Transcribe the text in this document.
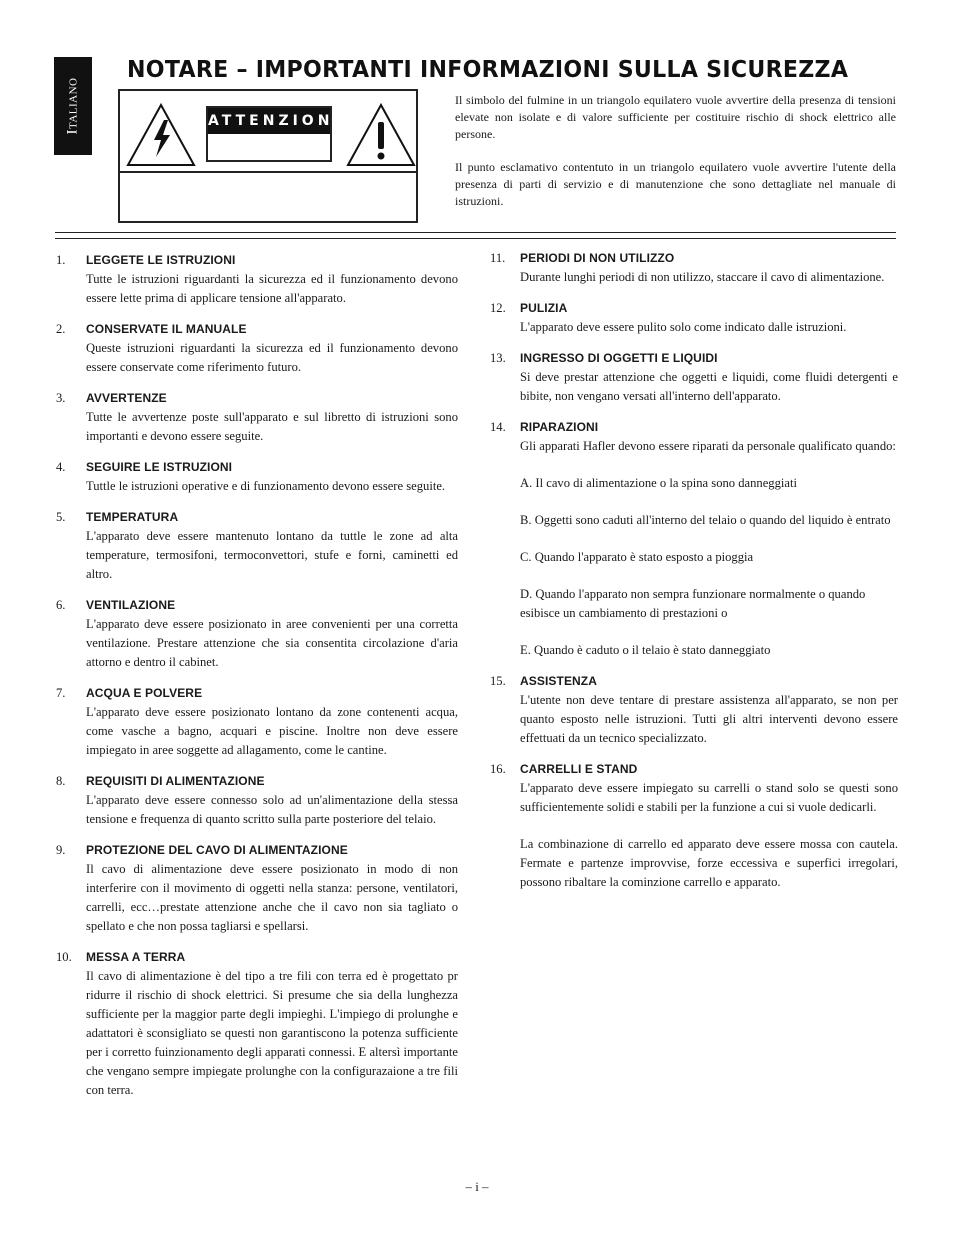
Italiano
NOTARE – IMPORTANTI INFORMAZIONI SULLA SICUREZZA
ATTENZIONE
Il simbolo del fulmine in un triangolo equilatero vuole avvertire della presenza di tensioni elevate non isolate e di valore sufficiente per costituire rischio di shock elettrico alle persone.
Il punto esclamativo contentuto in un triangolo equilatero vuole avvertire l'utente della presenza di parti di servizio e di manutenzione che sono dettagliate nel manuale di istruzioni.
1. LEGGETE LE ISTRUZIONI
Tutte le istruzioni riguardanti la sicurezza ed il funzionamento devono essere lette prima di applicare tensione all'apparato.
2. CONSERVATE IL MANUALE
Queste istruzioni riguardanti la sicurezza ed il funzionamento devono essere conservate come riferimento futuro.
3. AVVERTENZE
Tutte le avvertenze poste sull'apparato e sul libretto di istruzioni sono importanti e devono essere seguite.
4. SEGUIRE LE ISTRUZIONI
Tuttle le istruzioni operative e di funzionamento devono essere seguite.
5. TEMPERATURA
L'apparato deve essere mantenuto lontano da tuttle le zone ad alta temperature, termosifoni, termoconvettori, stufe e forni, caminetti ed altro.
6. VENTILAZIONE
L'apparato deve essere posizionato in aree convenienti per una corretta ventilazione. Prestare attenzione che sia consentita circolazione d'aria attorno e dentro il cabinet.
7. ACQUA E POLVERE
L'apparato deve essere posizionato lontano da zone contenenti acqua, come vasche a bagno, acquari e piscine. Inoltre non deve essere impiegato in aree soggette ad allagamento, come le cantine.
8. REQUISITI DI ALIMENTAZIONE
L'apparato deve essere connesso solo ad un'alimentazione della stessa tensione e frequenza di quanto scritto sulla parte posteriore del telaio.
9. PROTEZIONE DEL CAVO DI ALIMENTAZIONE
Il cavo di alimentazione deve essere posizionato in modo di non interferire con il movimento di oggetti nella stanza: persone, ventilatori, carrelli, ecc…prestate attenzione anche che il cavo non sia tagliato o spellato e che non possa tagliarsi e spellarsi.
10. MESSA A TERRA
Il cavo di alimentazione è del tipo a tre fili con terra ed è progettato pr ridurre il rischio di shock elettrici. Si presume che sia della lunghezza sufficiente per la maggior parte degli impieghi. L'impiego di prolunghe e adattatori è sconsigliato se questi non garantiscono la potenza sufficiente per i corretto fuinzionamento degli apparati connessi. E altersì importante che vengano sempre impiegate prolunghe con la configurazaione a tre fili con terra.
11. PERIODI DI NON UTILIZZO
Durante lunghi periodi di non utilizzo, staccare il cavo di alimentazione.
12. PULIZIA
L'apparato deve essere pulito solo come indicato dalle istruzioni.
13. INGRESSO DI OGGETTI E LIQUIDI
Si deve prestar attenzione che oggetti e liquidi, come fluidi detergenti e bibite, non vengano versati all'interno dell'apparato.
14. RIPARAZIONI
Gli apparati Hafler devono essere riparati da personale qualificato quando:
A. Il cavo di alimentazione o la spina sono danneggiati
B. Oggetti sono caduti all'interno del telaio o quando del liquido è entrato
C. Quando l'apparato è stato esposto a pioggia
D. Quando l'apparato non sempra funzionare normalmente o quando esibisce un cambiamento di prestazioni o
E. Quando è caduto o il telaio è stato danneggiato
15. ASSISTENZA
L'utente non deve tentare di prestare assistenza all'apparato, se non per quanto esposto nelle istruzioni. Tutti gli altri interventi devono essere effettuati da un tecnico specializzato.
16. CARRELLI E STAND
L'apparato deve essere impiegato su carrelli o stand solo se questi sono sufficientemente solidi e stabili per la funzione a cui si vuole dedicarli.
La combinazione di carrello ed apparato deve essere mossa con cautela. Fermate e partenze improvvise, forze eccessiva e superfici irregolari, possono ribaltare la cominzione carrello e apparato.
– i –
